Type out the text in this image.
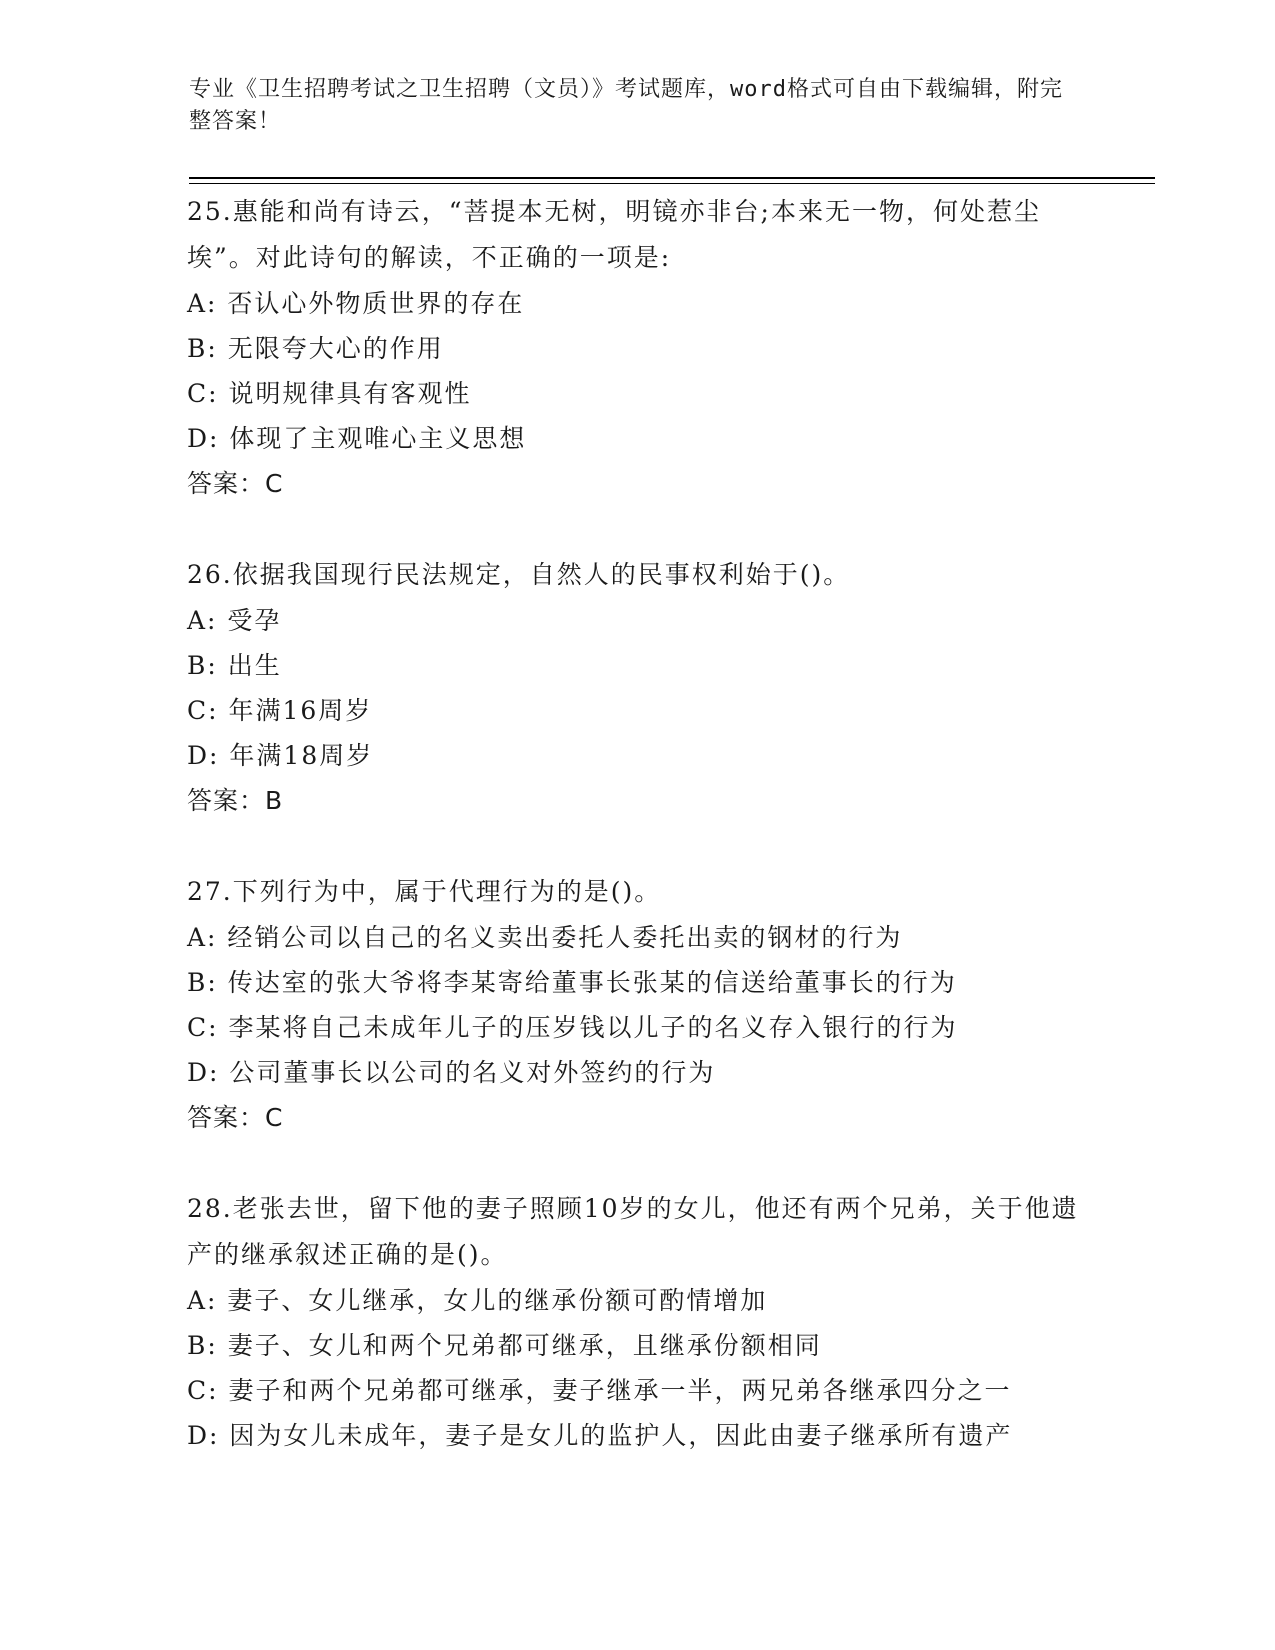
专业《卫生招聘考试之卫生招聘（文员）》考试题库，word格式可自由下载编辑，附完整答案！
25.惠能和尚有诗云，“菩提本无树，明镜亦非台;本来无一物，何处惹尘埃”。对此诗句的解读，不正确的一项是:
A: 否认心外物质世界的存在
B: 无限夸大心的作用
C: 说明规律具有客观性
D: 体现了主观唯心主义思想
答案：C
26.依据我国现行民法规定，自然人的民事权利始于()。
A: 受孕
B: 出生
C: 年满16周岁
D: 年满18周岁
答案：B
27.下列行为中，属于代理行为的是()。
A: 经销公司以自己的名义卖出委托人委托出卖的钢材的行为
B: 传达室的张大爷将李某寄给董事长张某的信送给董事长的行为
C: 李某将自己未成年儿子的压岁钱以儿子的名义存入银行的行为
D: 公司董事长以公司的名义对外签约的行为
答案：C
28.老张去世，留下他的妻子照顾10岁的女儿，他还有两个兄弟，关于他遗产的继承叙述正确的是()。
A: 妻子、女儿继承，女儿的继承份额可酌情增加
B: 妻子、女儿和两个兄弟都可继承，且继承份额相同
C: 妻子和两个兄弟都可继承，妻子继承一半，两兄弟各继承四分之一
D: 因为女儿未成年，妻子是女儿的监护人，因此由妻子继承所有遗产
